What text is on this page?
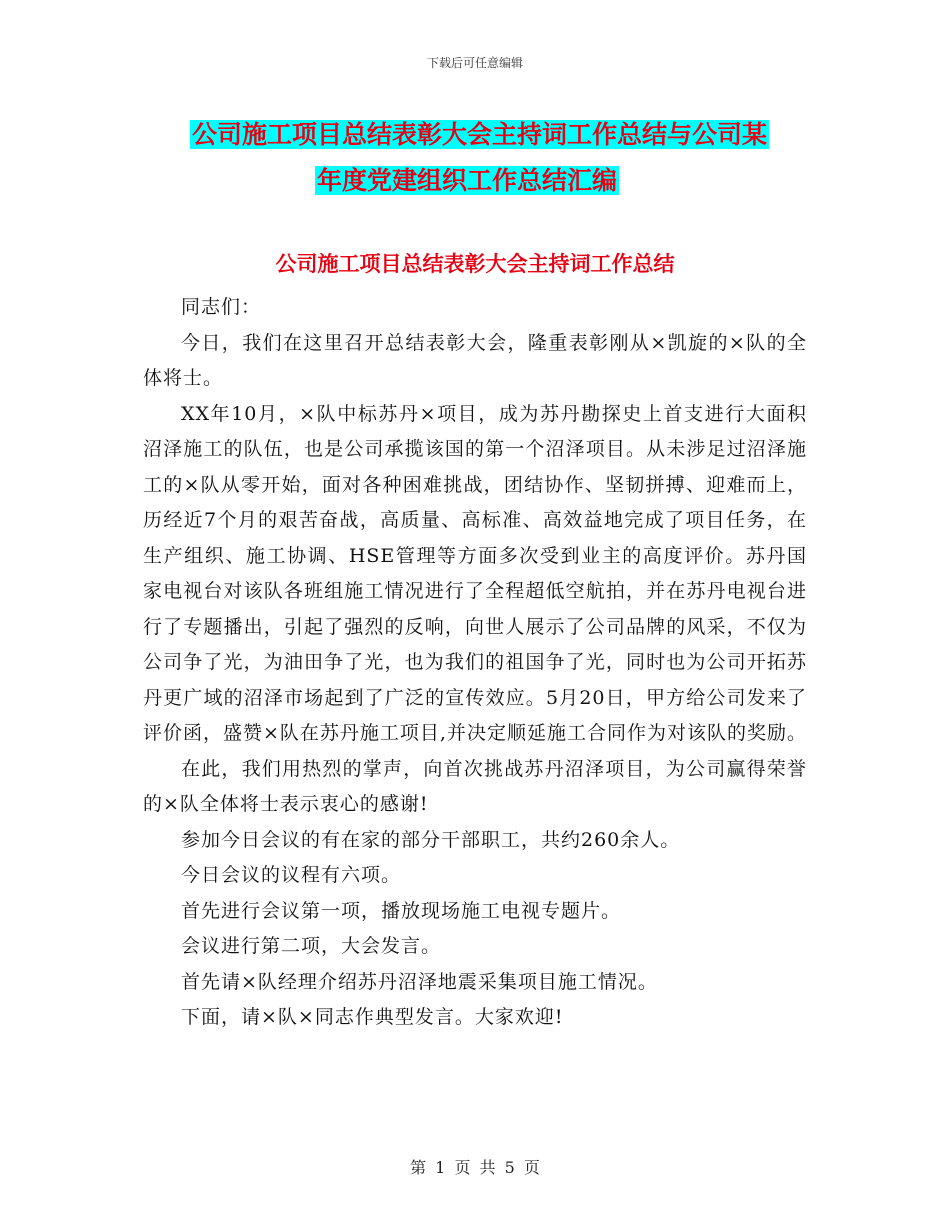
下载后可任意编辑
公司施工项目总结表彰大会主持词工作总结与公司某
年度党建组织工作总结汇编
公司施工项目总结表彰大会主持词工作总结

同志们：

今日，我们在这里召开总结表彰大会，隆重表彰刚从×凯旋的×队的全体将士。

XX年10月，×队中标苏丹×项目，成为苏丹勘探史上首支进行大面积沼泽施工的队伍，也是公司承揽该国的第一个沼泽项目。从未涉足过沼泽施工的×队从零开始，面对各种困难挑战，团结协作、坚韧拼搏、迎难而上，历经近7个月的艰苦奋战，高质量、高标准、高效益地完成了项目任务，在生产组织、施工协调、HSE管理等方面多次受到业主的高度评价。苏丹国家电视台对该队各班组施工情况进行了全程超低空航拍，并在苏丹电视台进行了专题播出，引起了强烈的反响，向世人展示了公司品牌的风采，不仅为公司争了光，为油田争了光，也为我们的祖国争了光，同时也为公司开拓苏丹更广域的沼泽市场起到了广泛的宣传效应。5月20日，甲方给公司发来了评价函，盛赞×队在苏丹施工项目,并决定顺延施工合同作为对该队的奖励。

在此，我们用热烈的掌声，向首次挑战苏丹沼泽项目，为公司赢得荣誉的×队全体将士表示衷心的感谢!

参加今日会议的有在家的部分干部职工，共约260余人。

今日会议的议程有六项。

首先进行会议第一项，播放现场施工电视专题片。

会议进行第二项，大会发言。

首先请×队经理介绍苏丹沼泽地震采集项目施工情况。

下面，请×队×同志作典型发言。大家欢迎!

第 1 页 共 5 页
